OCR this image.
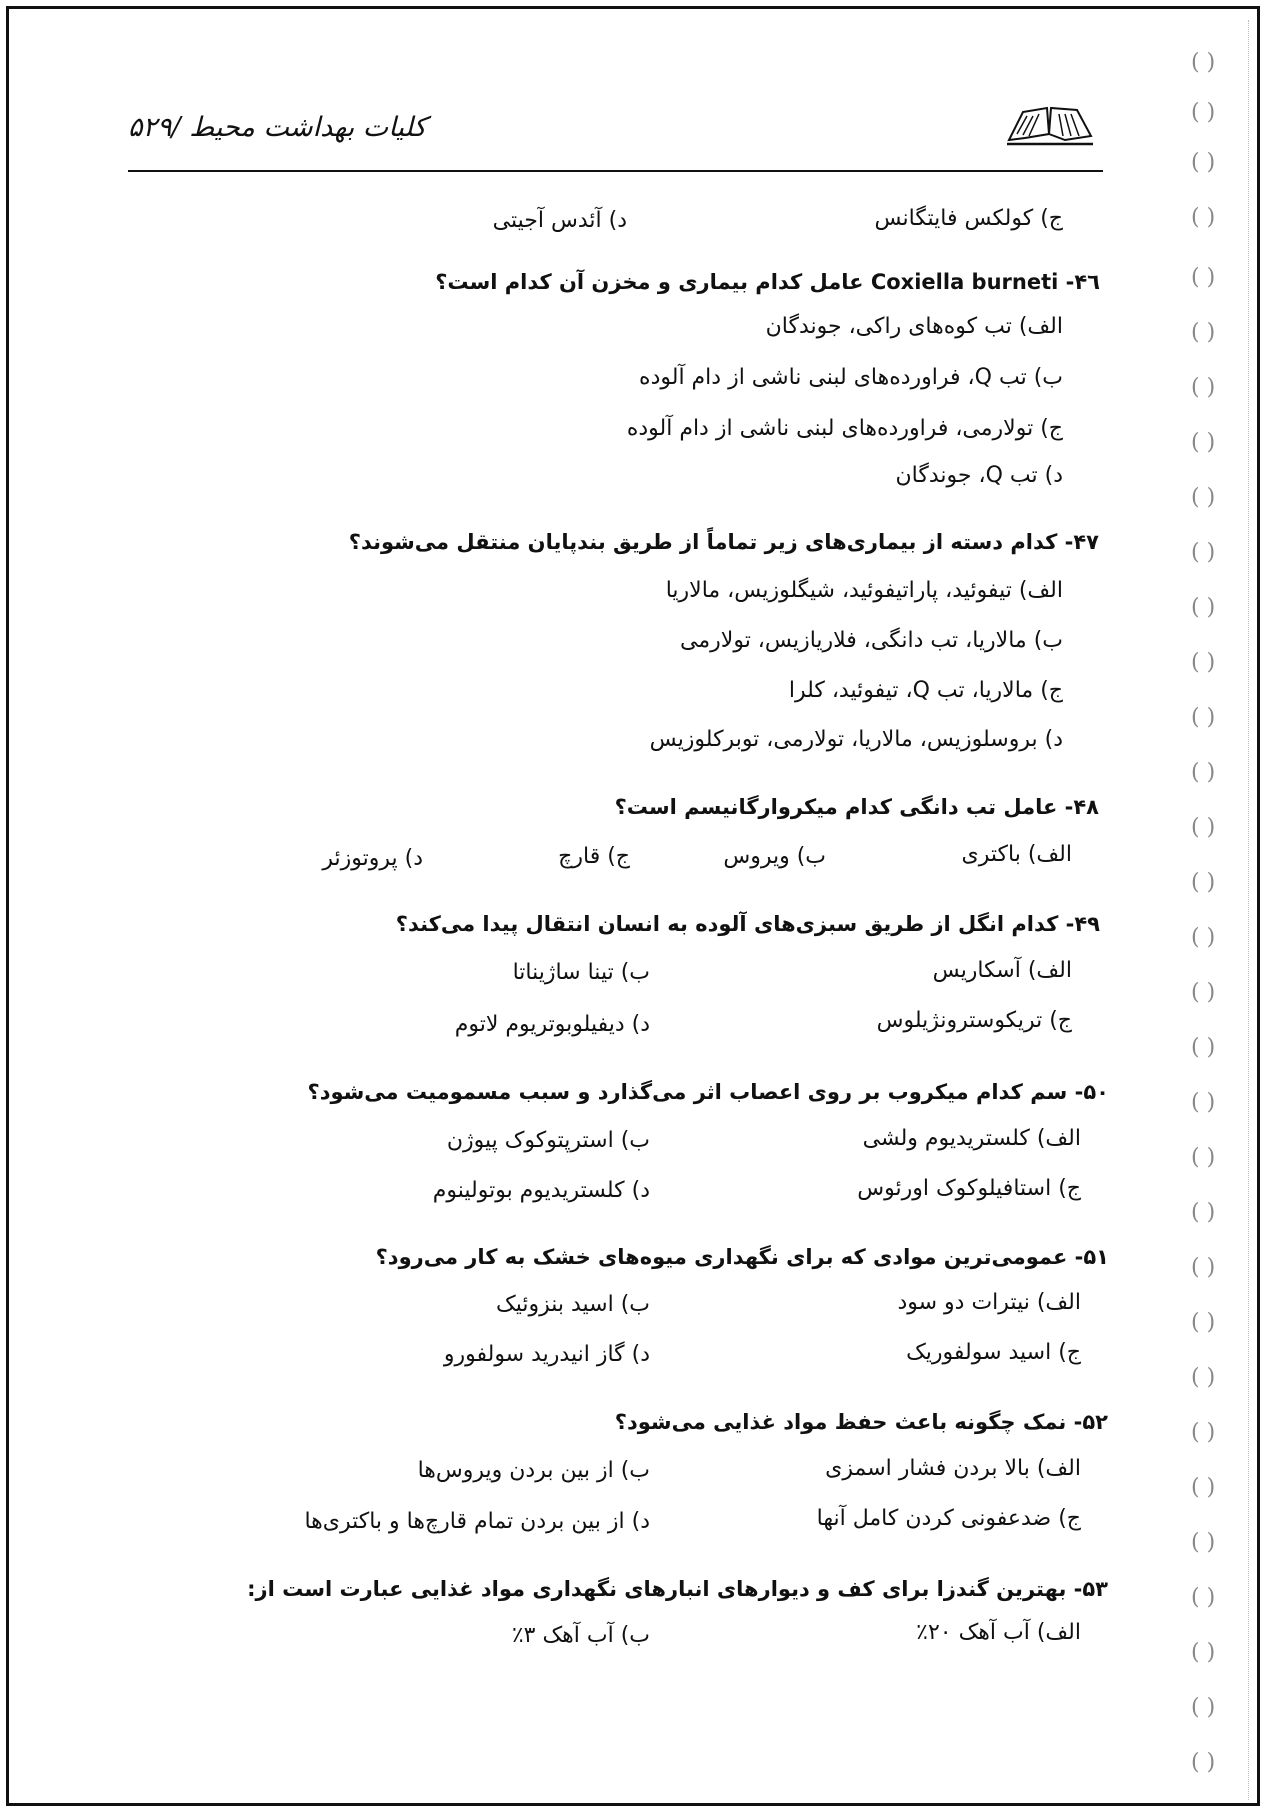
( )
( )
( )
( )
( )
( )
( )
( )
( )
( )
( )
( )
( )
( )
( )
( )
( )
( )
( )
( )
( )
( )
( )
( )
( )
( )
( )
( )
( )
( )
( )
( )
کلیات بهداشت محیط /۵۲۹
ج) کولکس فایتگانس
د) آئدس آجیتی
۴٦- Coxiella burneti عامل کدام بیماری و مخزن آن کدام است؟
الف) تب کوه‌های راکی، جوندگان
ب) تب Q، فراورده‌های لبنی ناشی از دام آلوده
ج) تولارمی، فراورده‌های لبنی ناشی از دام آلوده
د) تب Q، جوندگان
۴٧- کدام دسته از بیماری‌های زیر تماماً از طریق بندپایان منتقل می‌شوند؟
الف) تیفوئید، پاراتیفوئید، شیگلوزیس، مالاریا
ب) مالاریا، تب دانگی، فلاریازیس، تولارمی
ج) مالاریا، تب Q، تیفوئید، کلرا
د) بروسلوزیس، مالاریا، تولارمی، توبرکلوزیس
۴٨- عامل تب دانگی کدام میکروارگانیسم است؟
الف) باکتری
ب) ویروس
ج) قارچ
د) پروتوزئر
۴٩- کدام انگل از طریق سبزی‌های آلوده به انسان انتقال پیدا می‌کند؟
الف) آسکاریس
ب) تینا ساژیناتا
ج) تریکوسترونژیلوس
د) دیفیلوبوتریوم لاتوم
۵٠- سم کدام میکروب بر روی اعصاب اثر می‌گذارد و سبب مسمومیت می‌شود؟
الف) کلستریدیوم ولشی
ب) استرپتوکوک پیوژن
ج) استافیلوکوک اورئوس
د) کلستریدیوم بوتولینوم
۵١- عمومی‌ترین موادی که برای نگهداری میوه‌های خشک به کار می‌رود؟
الف) نیترات دو سود
ب) اسید بنزوئیک
ج) اسید سولفوریک
د) گاز انیدرید سولفورو
۵٢- نمک چگونه باعث حفظ مواد غذایی می‌شود؟
الف) بالا بردن فشار اسمزی
ب) از بین بردن ویروس‌ها
ج) ضدعفونی کردن کامل آنها
د) از بین بردن تمام قارچ‌ها و باکتری‌ها
۵٣- بهترین گندزا برای کف و دیوارهای انبارهای نگهداری مواد غذایی عبارت است از:
الف) آب آهک ٢٠٪
ب) آب آهک ٣٪
